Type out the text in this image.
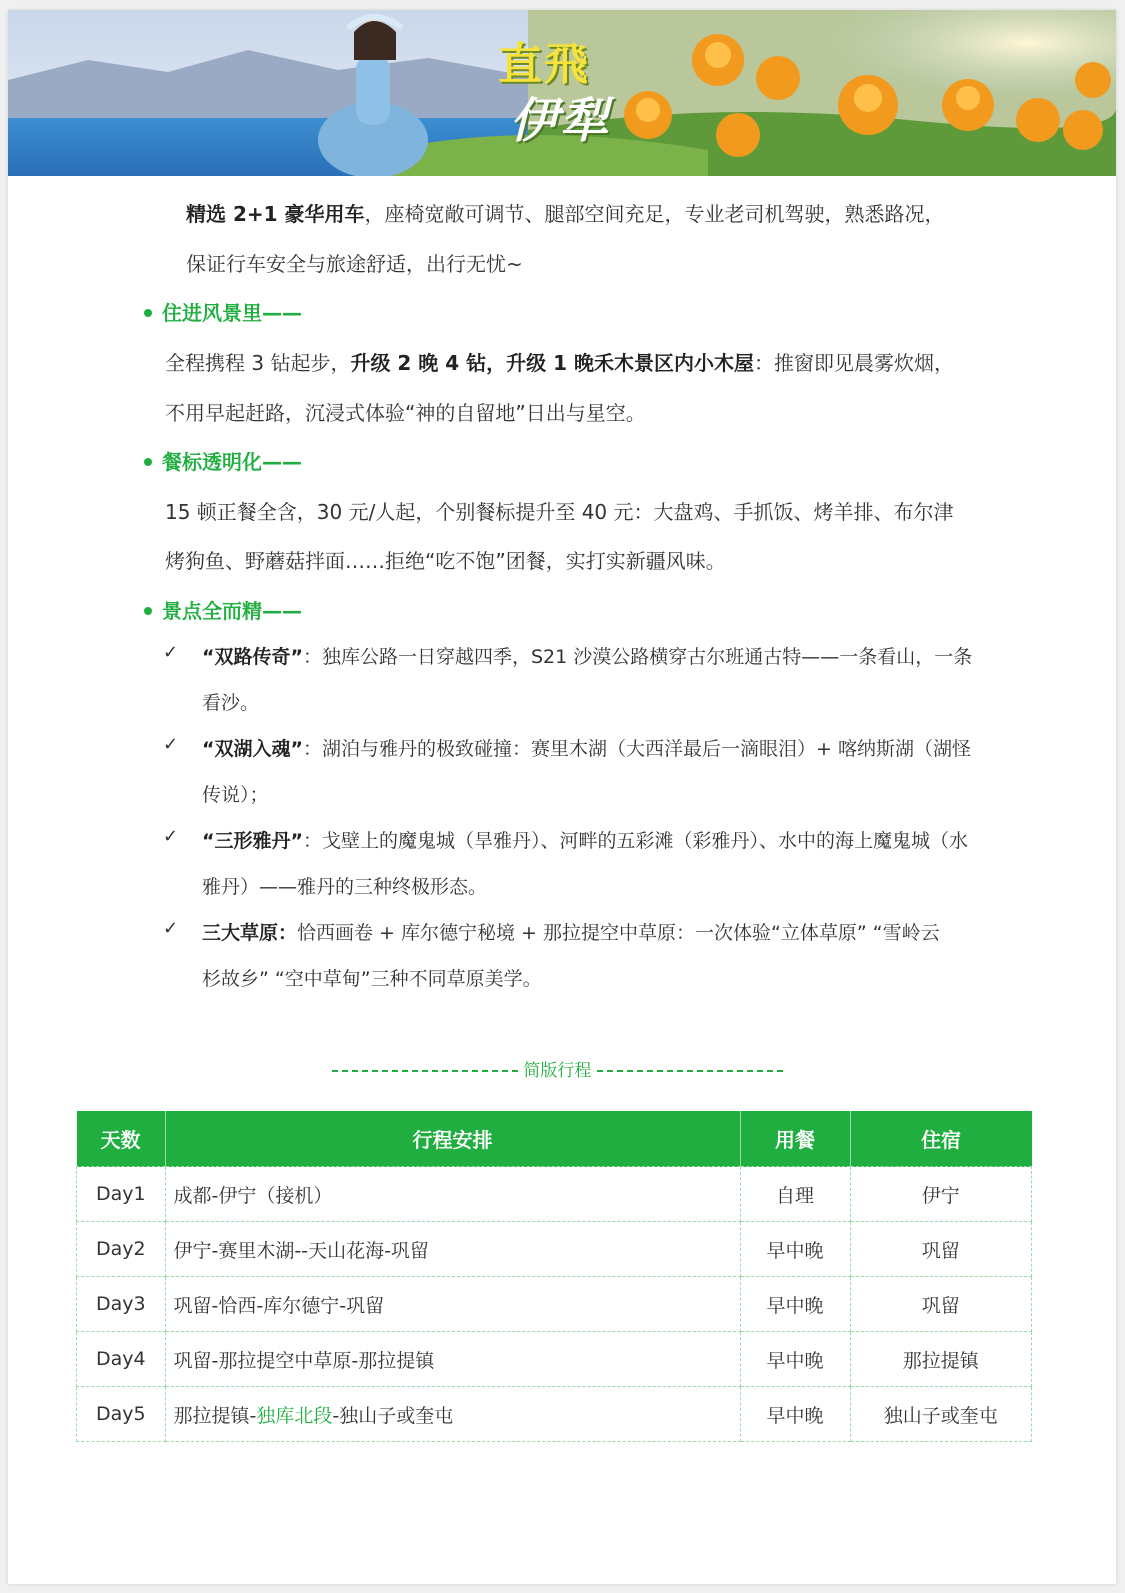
直飛
伊犁
精选 2+1 豪华用车，座椅宽敞可调节、腿部空间充足，专业老司机驾驶，熟悉路况，
保证行车安全与旅途舒适，出行无忧~
住进风景里——
全程携程 3 钻起步，升级 2 晚 4 钻，升级 1 晚禾木景区内小木屋：推窗即见晨雾炊烟，
不用早起赶路，沉浸式体验“神的自留地”日出与星空。
餐标透明化——
15 顿正餐全含，30 元/人起，个别餐标提升至 40 元：大盘鸡、手抓饭、烤羊排、布尔津
烤狗鱼、野蘑菇拌面……拒绝“吃不饱”团餐，实打实新疆风味。
景点全而精——
✓ “双路传奇”：独库公路一日穿越四季，S21 沙漠公路横穿古尔班通古特——一条看山，一条
看沙。
✓ “双湖入魂”：湖泊与雅丹的极致碰撞：赛里木湖（大西洋最后一滴眼泪）+ 喀纳斯湖（湖怪
传说）；
✓ “三形雅丹”：戈壁上的魔鬼城（旱雅丹）、河畔的五彩滩（彩雅丹）、水中的海上魔鬼城（水
雅丹）——雅丹的三种终极形态。
✓ 三大草原：恰西画卷 + 库尔德宁秘境 + 那拉提空中草原：一次体验“立体草原” “雪岭云
杉故乡” “空中草甸”三种不同草原美学。
简版行程
天数	行程安排	用餐	住宿
Day1	成都-伊宁（接机）	自理	伊宁
Day2	伊宁-赛里木湖--天山花海-巩留	早中晚	巩留
Day3	巩留-恰西-库尔德宁-巩留	早中晚	巩留
Day4	巩留-那拉提空中草原-那拉提镇	早中晚	那拉提镇
Day5	那拉提镇-独库北段-独山子或奎屯	早中晚	独山子或奎屯
